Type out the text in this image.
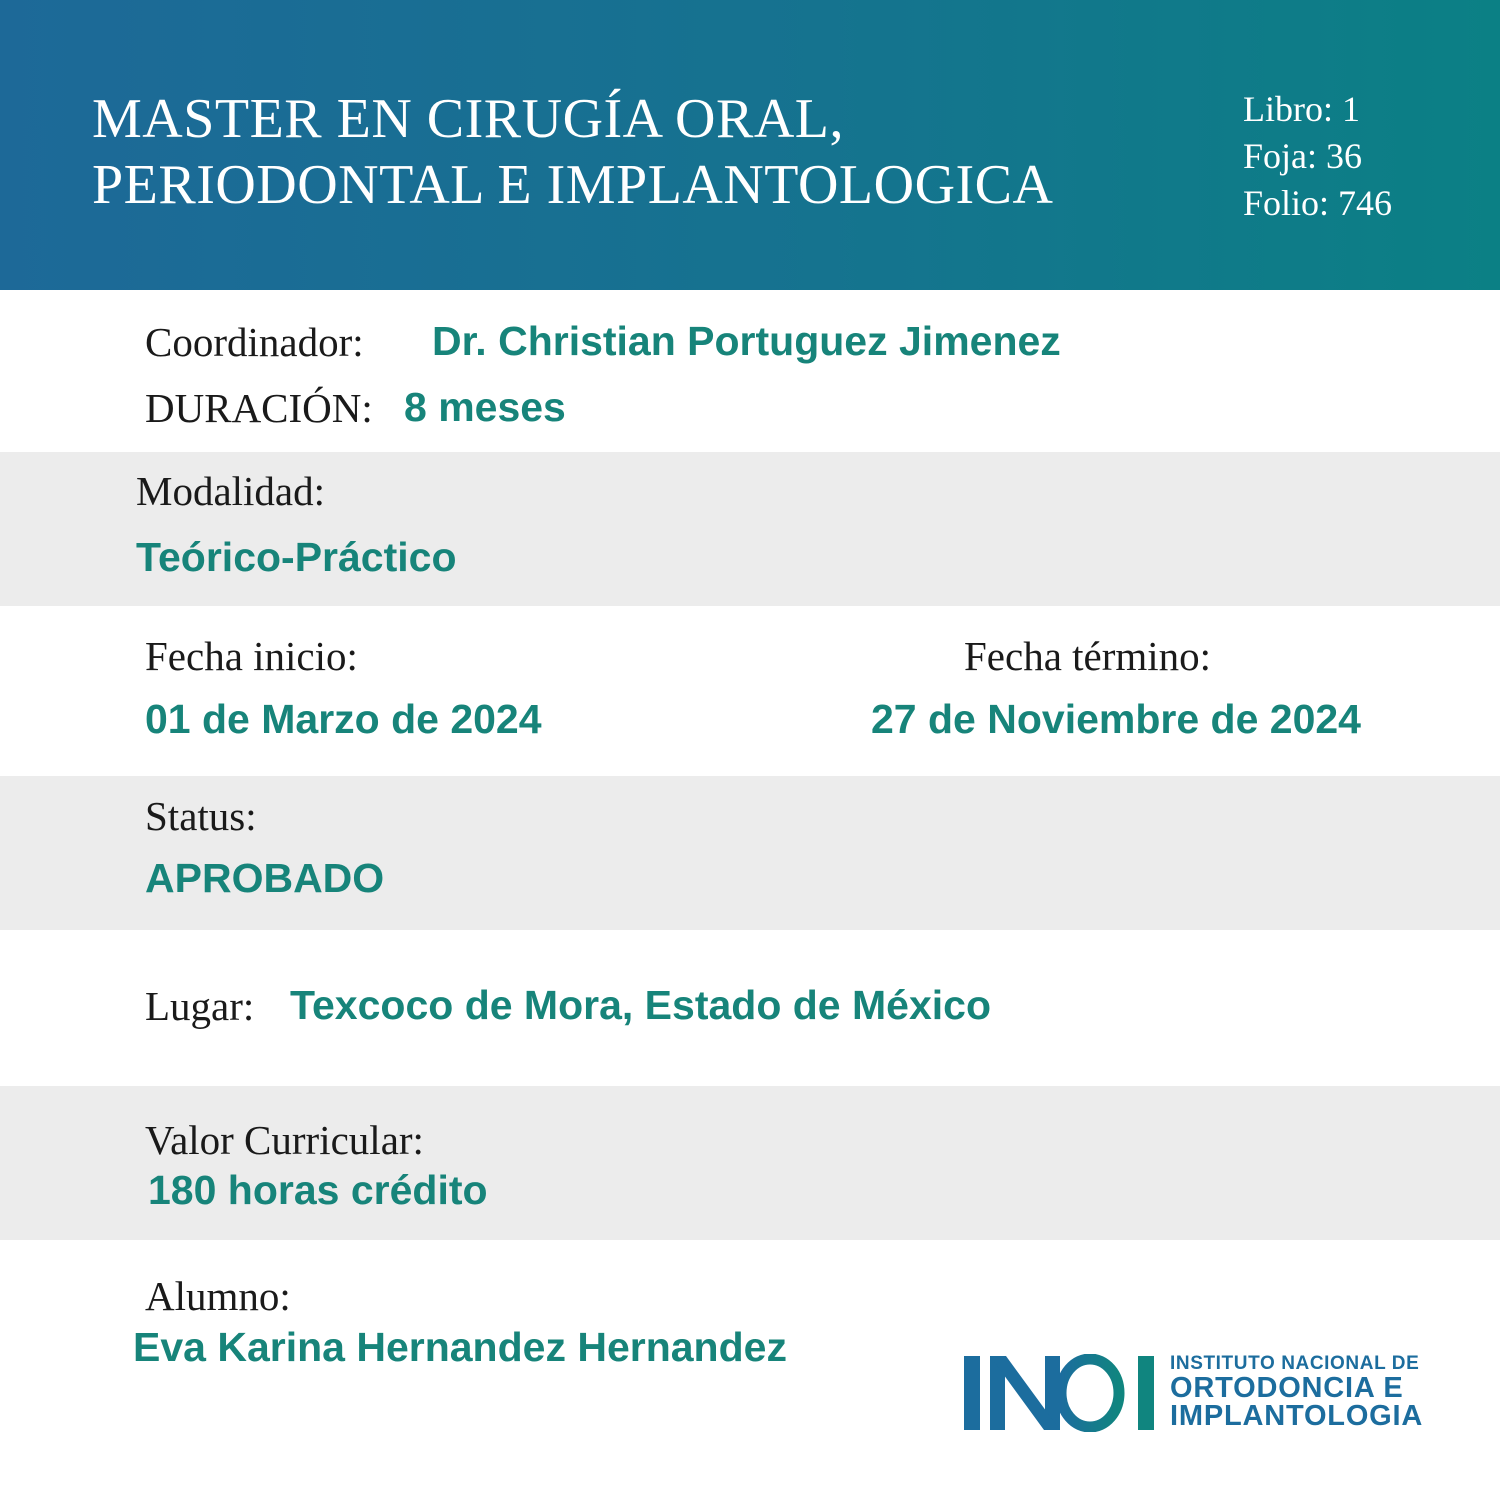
MASTER EN CIRUGÍA ORAL,
PERIODONTAL E IMPLANTOLOGICA
Libro: 1
Foja: 36
Folio: 746
Coordinador: Dr. Christian Portuguez Jimenez
DURACIÓN: 8 meses
Modalidad:
Teórico-Práctico
Fecha inicio:
01 de Marzo de 2024
Fecha término:
27 de Noviembre de 2024
Status:
APROBADO
Lugar: Texcoco de Mora, Estado de México
Valor Curricular:
180 horas crédito
Alumno:
Eva Karina Hernandez Hernandez	INSTITUTO NACIONAL DE
ORTODONCIA E
IMPLANTOLOGIA
